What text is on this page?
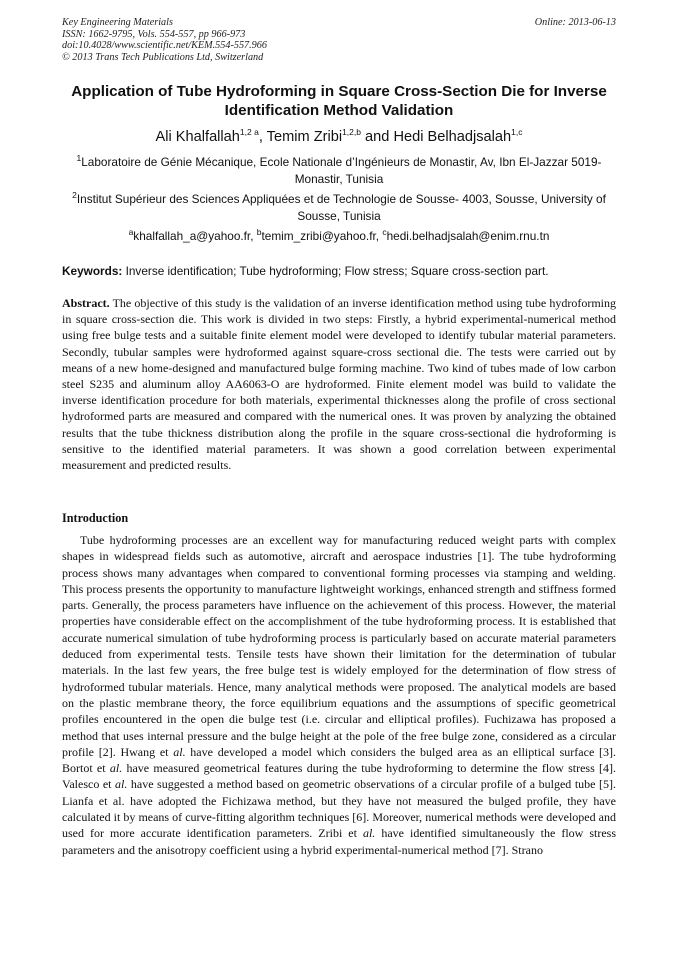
Key Engineering Materials
ISSN: 1662-9795, Vols. 554-557, pp 966-973
doi:10.4028/www.scientific.net/KEM.554-557.966
© 2013 Trans Tech Publications Ltd, Switzerland
Online: 2013-06-13
Application of Tube Hydroforming in Square Cross-Section Die for Inverse Identification Method Validation
Ali Khalfallah$^{1,2 a}$, Temim Zribi$^{1,2,b}$ and Hedi Belhadjsalah$^{1,c}$
$^1$Laboratoire de Génie Mécanique, Ecole Nationale d’Ingénieurs de Monastir, Av, Ibn El-Jazzar 5019- Monastir, Tunisia
$^2$Institut Supérieur des Sciences Appliquées et de Technologie de Sousse- 4003, Sousse, University of Sousse, Tunisia
$^a$khalfallah_a@yahoo.fr, $^b$temim_zribi@yahoo.fr, $^c$hedi.belhadjsalah@enim.rnu.tn
Keywords: Inverse identification; Tube hydroforming; Flow stress; Square cross-section part.
Abstract. The objective of this study is the validation of an inverse identification method using tube hydroforming in square cross-section die. This work is divided in two steps: Firstly, a hybrid experimental-numerical method using free bulge tests and a suitable finite element model were developed to identify tubular material parameters. Secondly, tubular samples were hydroformed against square-cross sectional die. The tests were carried out by means of a new home-designed and manufactured bulge forming machine. Two kind of tubes made of low carbon steel S235 and aluminum alloy AA6063-O are hydroformed. Finite element model was build to validate the inverse identification procedure for both materials, experimental thicknesses along the profile of cross sectional hydroformed parts are measured and compared with the numerical ones. It was proven by analyzing the obtained results that the tube thickness distribution along the profile in the square cross-sectional die hydroforming is sensitive to the identified material parameters. It was shown a good correlation between experimental measurement and predicted results.
Introduction
Tube hydroforming processes are an excellent way for manufacturing reduced weight parts with complex shapes in widespread fields such as automotive, aircraft and aerospace industries [1]. The tube hydroforming process shows many advantages when compared to conventional forming processes via stamping and welding. This process presents the opportunity to manufacture lightweight workings, enhanced strength and stiffness formed parts. Generally, the process parameters have influence on the achievement of this process. However, the material properties have considerable effect on the accomplishment of the tube hydroforming process. It is established that accurate numerical simulation of tube hydroforming process is particularly based on accurate material parameters deduced from experimental tests. Tensile tests have shown their limitation for the determination of tubular materials. In the last few years, the free bulge test is widely employed for the determination of flow stress of hydroformed tubular materials. Hence, many analytical methods were proposed. The analytical models are based on the plastic membrane theory, the force equilibrium equations and the assumptions of specific geometrical profiles encountered in the open die bulge test (i.e. circular and elliptical profiles). Fuchizawa has proposed a method that uses internal pressure and the bulge height at the pole of the free bulge zone, considered as a circular profile [2]. Hwang et al. have developed a model which considers the bulged area as an elliptical surface [3]. Bortot et al. have measured geometrical features during the tube hydroforming to determine the flow stress [4]. Valesco et al. have suggested a method based on geometric observations of a circular profile of a bulged tube [5]. Lianfa et al. have adopted the Fichizawa method, but they have not measured the bulged profile, they have calculated it by means of curve-fitting algorithm techniques [6]. Moreover, numerical methods were developed and used for more accurate identification parameters. Zribi et al. have identified simultaneously the flow stress parameters and the anisotropy coefficient using a hybrid experimental-numerical method [7]. Strano
